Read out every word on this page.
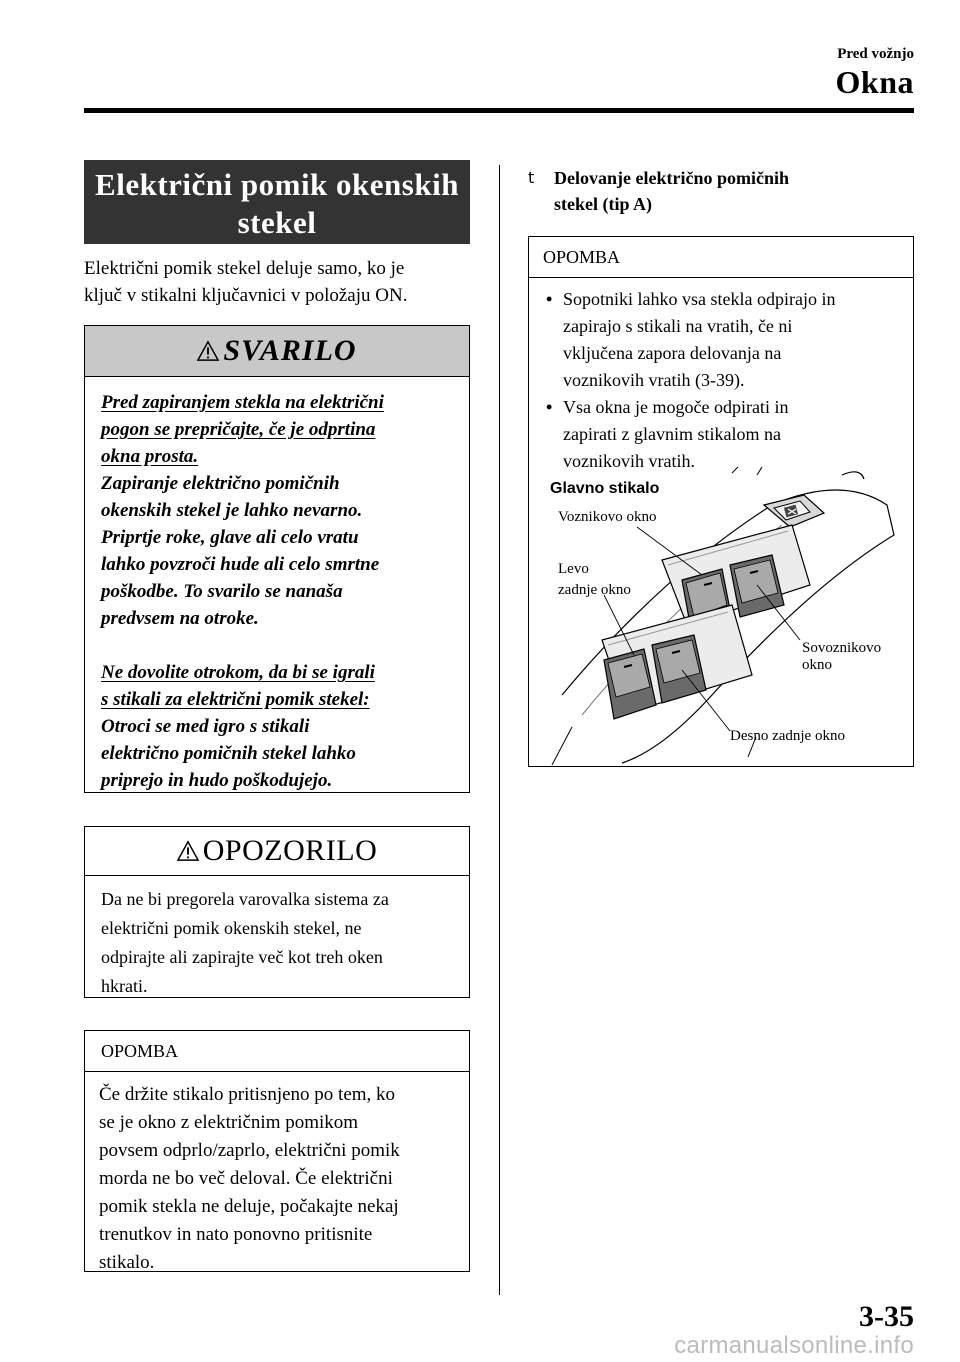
Pred vožnjo
Okna
Električni pomik okenskih
stekel
Električni pomik stekel deluje samo, ko je
ključ v stikalni ključavnici v položaju ON.
SVARILO
Pred zapiranjem stekla na električni
pogon se prepričajte, če je odprtina
okna prosta.
Zapiranje električno pomičnih
okenskih stekel je lahko nevarno.
Priprtje roke, glave ali celo vratu
lahko povzroči hude ali celo smrtne
poškodbe. To svarilo se nanaša
predvsem na otroke.
Ne dovolite otrokom, da bi se igrali
s stikali za električni pomik stekel:
Otroci se med igro s stikali
električno pomičnih stekel lahko
priprejo in hudo poškodujejo.
OPOZORILO
Da ne bi pregorela varovalka sistema za
električni pomik okenskih stekel, ne
odpirajte ali zapirajte več kot treh oken
hkrati.
OPOMBA
Če držite stikalo pritisnjeno po tem, ko
se je okno z električnim pomikom
povsem odprlo/zaprlo, električni pomik
morda ne bo več deloval. Če električni
pomik stekla ne deluje, počakajte nekaj
trenutkov in nato ponovno pritisnite
stikalo.
t	Delovanje električno pomičnih
stekel (tip A)
OPOMBA
• Sopotniki lahko vsa stekla odpirajo in
zapirajo s stikali na vratih, če ni
vključena zapora delovanja na
voznikovih vratih (3-39).
• Vsa okna je mogoče odpirati in
zapirati z glavnim stikalom na
voznikovih vratih.
Glavno stikalo
Voznikovo okno
Levo
zadnje okno
Sovoznikovo
okno
Desno zadnje okno
3-35
carmanualsonline.info
